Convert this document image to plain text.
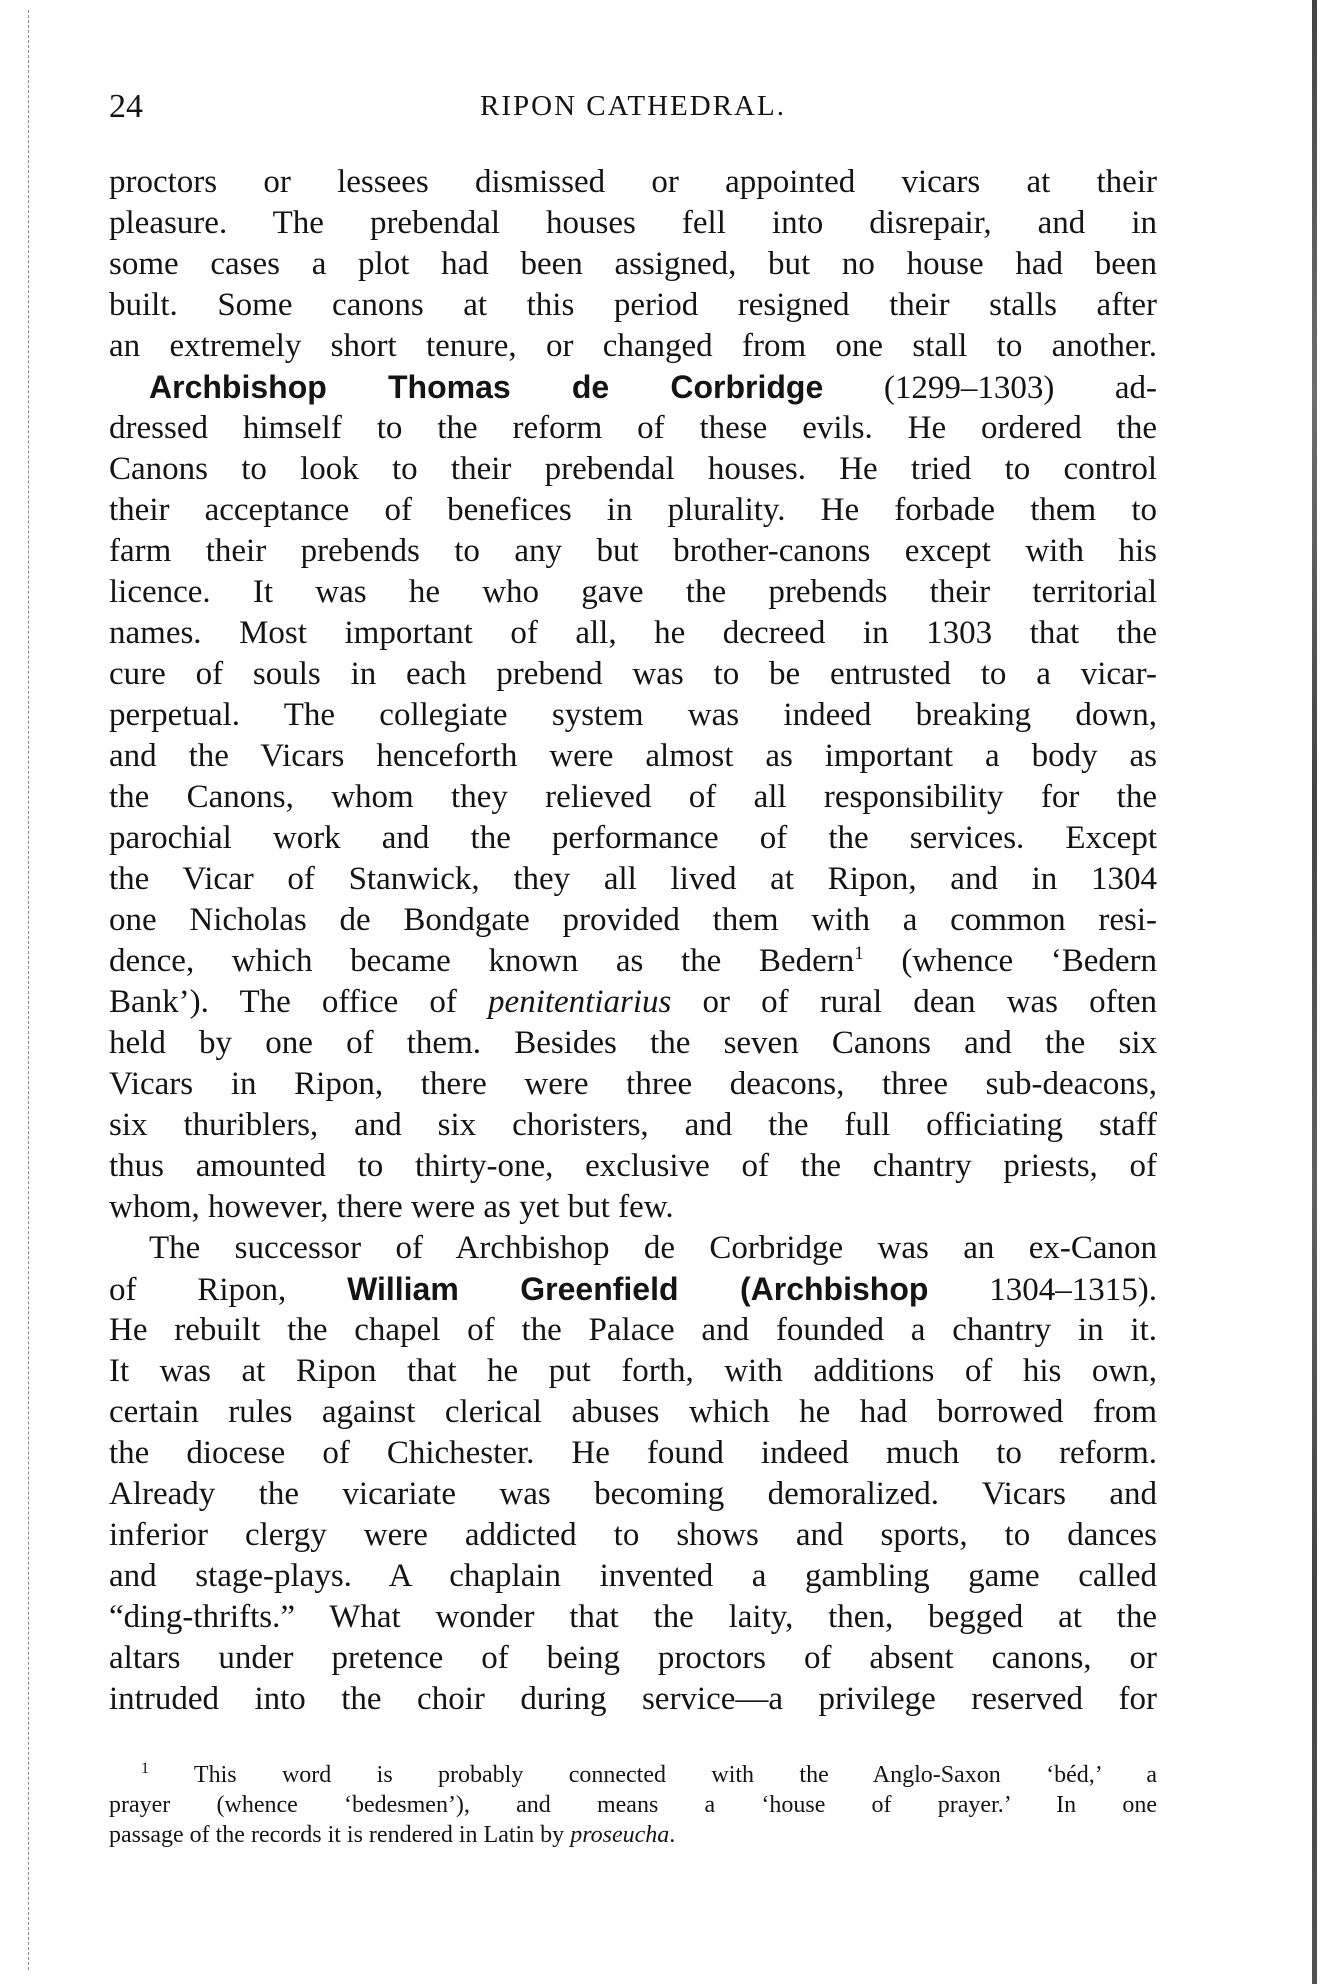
24	RIPON CATHEDRAL.
proctors or lessees dismissed or appointed vicars at their
pleasure. The prebendal houses fell into disrepair, and in
some cases a plot had been assigned, but no house had been
built. Some canons at this period resigned their stalls after
an extremely short tenure, or changed from one stall to another.
Archbishop Thomas de Corbridge (1299–1303) ad-
dressed himself to the reform of these evils. He ordered the
Canons to look to their prebendal houses. He tried to control
their acceptance of benefices in plurality. He forbade them to
farm their prebends to any but brother-canons except with his
licence. It was he who gave the prebends their territorial
names. Most important of all, he decreed in 1303 that the
cure of souls in each prebend was to be entrusted to a vicar-
perpetual. The collegiate system was indeed breaking down,
and the Vicars henceforth were almost as important a body as
the Canons, whom they relieved of all responsibility for the
parochial work and the performance of the services. Except
the Vicar of Stanwick, they all lived at Ripon, and in 1304
one Nicholas de Bondgate provided them with a common resi-
dence, which became known as the Bedern$^1$ (whence ‘Bedern
Bank’). The office of penitentiarius or of rural dean was often
held by one of them. Besides the seven Canons and the six
Vicars in Ripon, there were three deacons, three sub-deacons,
six thuriblers, and six choristers, and the full officiating staff
thus amounted to thirty-one, exclusive of the chantry priests, of
whom, however, there were as yet but few.
The successor of Archbishop de Corbridge was an ex-Canon
of Ripon, William Greenfield (Archbishop 1304–1315).
He rebuilt the chapel of the Palace and founded a chantry in it.
It was at Ripon that he put forth, with additions of his own,
certain rules against clerical abuses which he had borrowed from
the diocese of Chichester. He found indeed much to reform.
Already the vicariate was becoming demoralized. Vicars and
inferior clergy were addicted to shows and sports, to dances
and stage-plays. A chaplain invented a gambling game called
“ding-thrifts.” What wonder that the laity, then, begged at the
altars under pretence of being proctors of absent canons, or
intruded into the choir during service—a privilege reserved for
$^1$ This word is probably connected with the Anglo-Saxon ‘béd,’ a
prayer (whence ‘bedesmen’), and means a ‘house of prayer.’ In one
passage of the records it is rendered in Latin by proseucha.
